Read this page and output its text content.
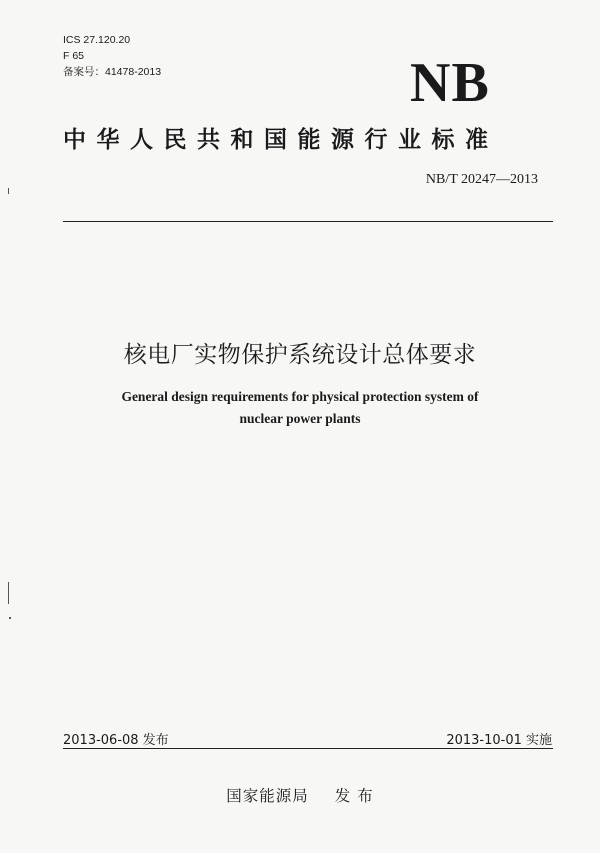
ICS 27.120.20
F 65
备案号：41478-2013	NB
中华人民共和国能源行业标准
NB/T 20247—2013
核电厂实物保护系统设计总体要求
General design requirements for physical protection system of
nuclear power plants
2013-06-08 发布	2013-10-01 实施
国家能源局 发 布
